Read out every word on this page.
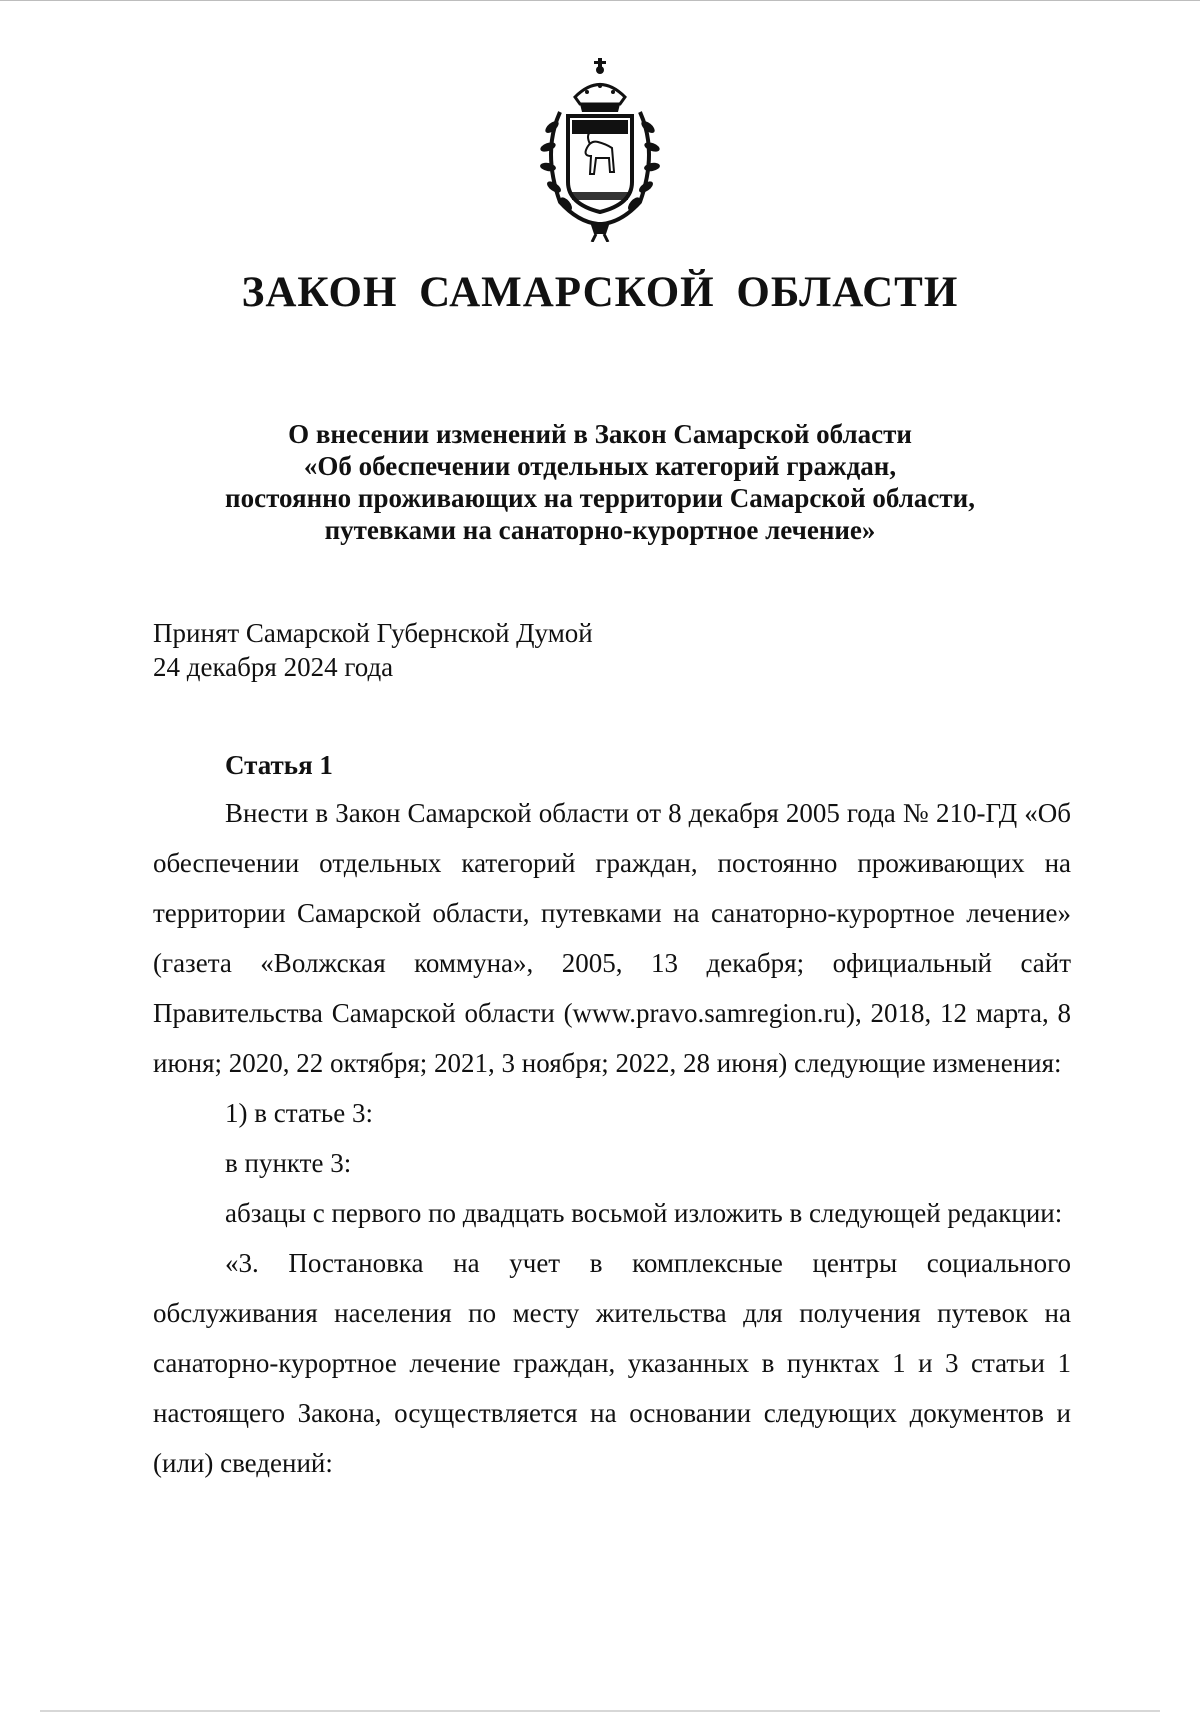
ЗАКОН САМАРСКОЙ ОБЛАСТИ
О внесении изменений в Закон Самарской области
«Об обеспечении отдельных категорий граждан,
постоянно проживающих на территории Самарской области,
путевками на санаторно-курортное лечение»
Принят Самарской Губернской Думой
24 декабря 2024 года
Статья 1

Внести в Закон Самарской области от 8 декабря 2005 года № 210-ГД «Об обеспечении отдельных категорий граждан, постоянно проживающих на территории Самарской области, путевками на санаторно-курортное лечение» (газета «Волжская коммуна», 2005, 13 декабря; официальный сайт Правительства Самарской области (www.pravo.samregion.ru), 2018, 12 марта, 8 июня; 2020, 22 октября; 2021, 3 ноября; 2022, 28 июня) следующие изменения:

1) в статье 3:

в пункте 3:

абзацы с первого по двадцать восьмой изложить в следующей редакции:

«3. Постановка на учет в комплексные центры социального обслуживания населения по месту жительства для получения путевок на санаторно-курортное лечение граждан, указанных в пунктах 1 и 3 статьи 1 настоящего Закона, осуществляется на основании следующих документов и (или) сведений:
